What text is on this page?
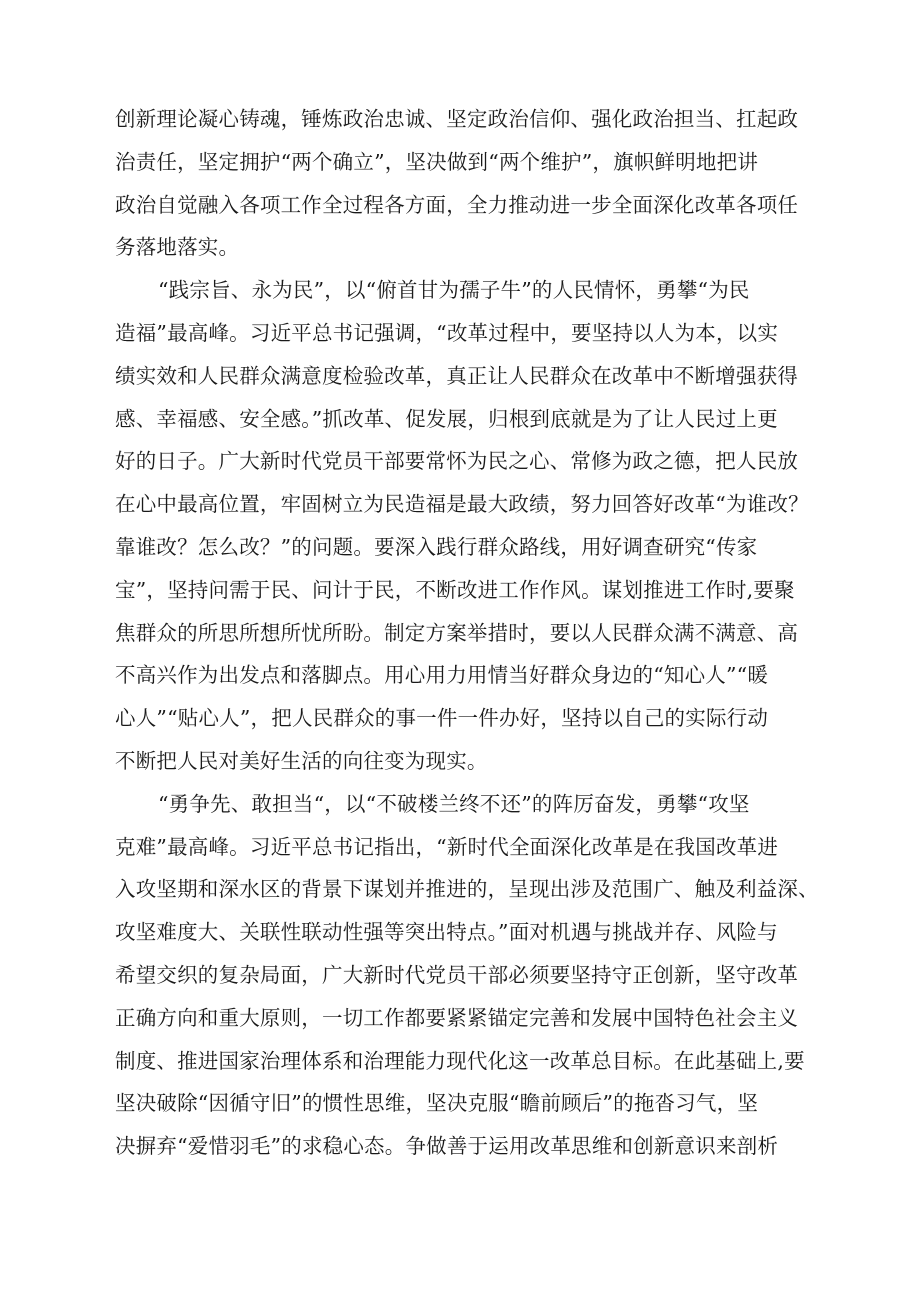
创新理论凝心铸魂，锤炼政治忠诚、坚定政治信仰、强化政治担当、扛起政
治责任，坚定拥护“两个确立”，坚决做到“两个维护”，旗帜鲜明地把讲
政治自觉融入各项工作全过程各方面，全力推动进一步全面深化改革各项任
务落地落实。
“践宗旨、永为民”，以“俯首甘为孺子牛”的人民情怀，勇攀“为民
造福”最高峰。习近平总书记强调，“改革过程中，要坚持以人为本，以实
绩实效和人民群众满意度检验改革，真正让人民群众在改革中不断增强获得
感、幸福感、安全感。”抓改革、促发展，归根到底就是为了让人民过上更
好的日子。广大新时代党员干部要常怀为民之心、常修为政之德，把人民放
在心中最高位置，牢固树立为民造福是最大政绩，努力回答好改革“为谁改？
靠谁改？怎么改？”的问题。要深入践行群众路线，用好调查研究“传家
宝”，坚持问需于民、问计于民，不断改进工作作风。谋划推进工作时,要聚
焦群众的所思所想所忧所盼。制定方案举措时，要以人民群众满不满意、高
不高兴作为出发点和落脚点。用心用力用情当好群众身边的“知心人”“暖
心人”“贴心人”，把人民群众的事一件一件办好，坚持以自己的实际行动
不断把人民对美好生活的向往变为现实。
“勇争先、敢担当“，以“不破楼兰终不还”的阵厉奋发，勇攀“攻坚
克难”最高峰。习近平总书记指出，“新时代全面深化改革是在我国改革进
入攻坚期和深水区的背景下谋划并推进的，呈现出涉及范围广、触及利益深、
攻坚难度大、关联性联动性强等突出特点。”面对机遇与挑战并存、风险与
希望交织的复杂局面，广大新时代党员干部必须要坚持守正创新，坚守改革
正确方向和重大原则，一切工作都要紧紧锚定完善和发展中国特色社会主义
制度、推进国家治理体系和治理能力现代化这一改革总目标。在此基础上,要
坚决破除“因循守旧”的惯性思维，坚决克服“瞻前顾后”的拖沓习气，坚
决摒弃“爱惜羽毛”的求稳心态。争做善于运用改革思维和创新意识来剖析
